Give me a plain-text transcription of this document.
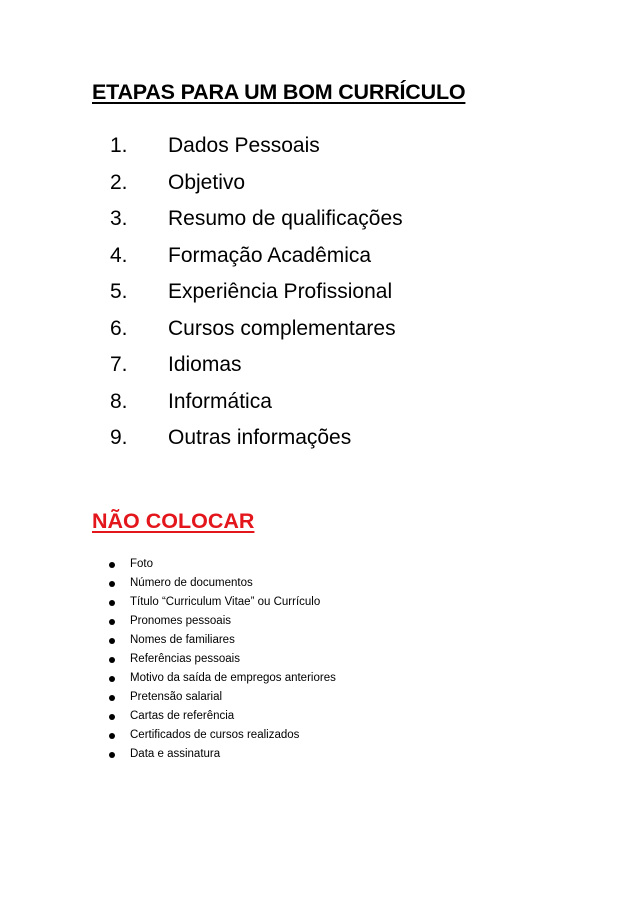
ETAPAS PARA UM BOM CURRÍCULO
1. Dados Pessoais
2. Objetivo
3. Resumo de qualificações
4. Formação Acadêmica
5. Experiência Profissional
6. Cursos complementares
7. Idiomas
8. Informática
9. Outras informações
NÃO COLOCAR
Foto
Número de documentos
Título “Curriculum Vitae” ou Currículo
Pronomes pessoais
Nomes de familiares
Referências pessoais
Motivo da saída de empregos anteriores
Pretensão salarial
Cartas de referência
Certificados de cursos realizados
Data e assinatura
